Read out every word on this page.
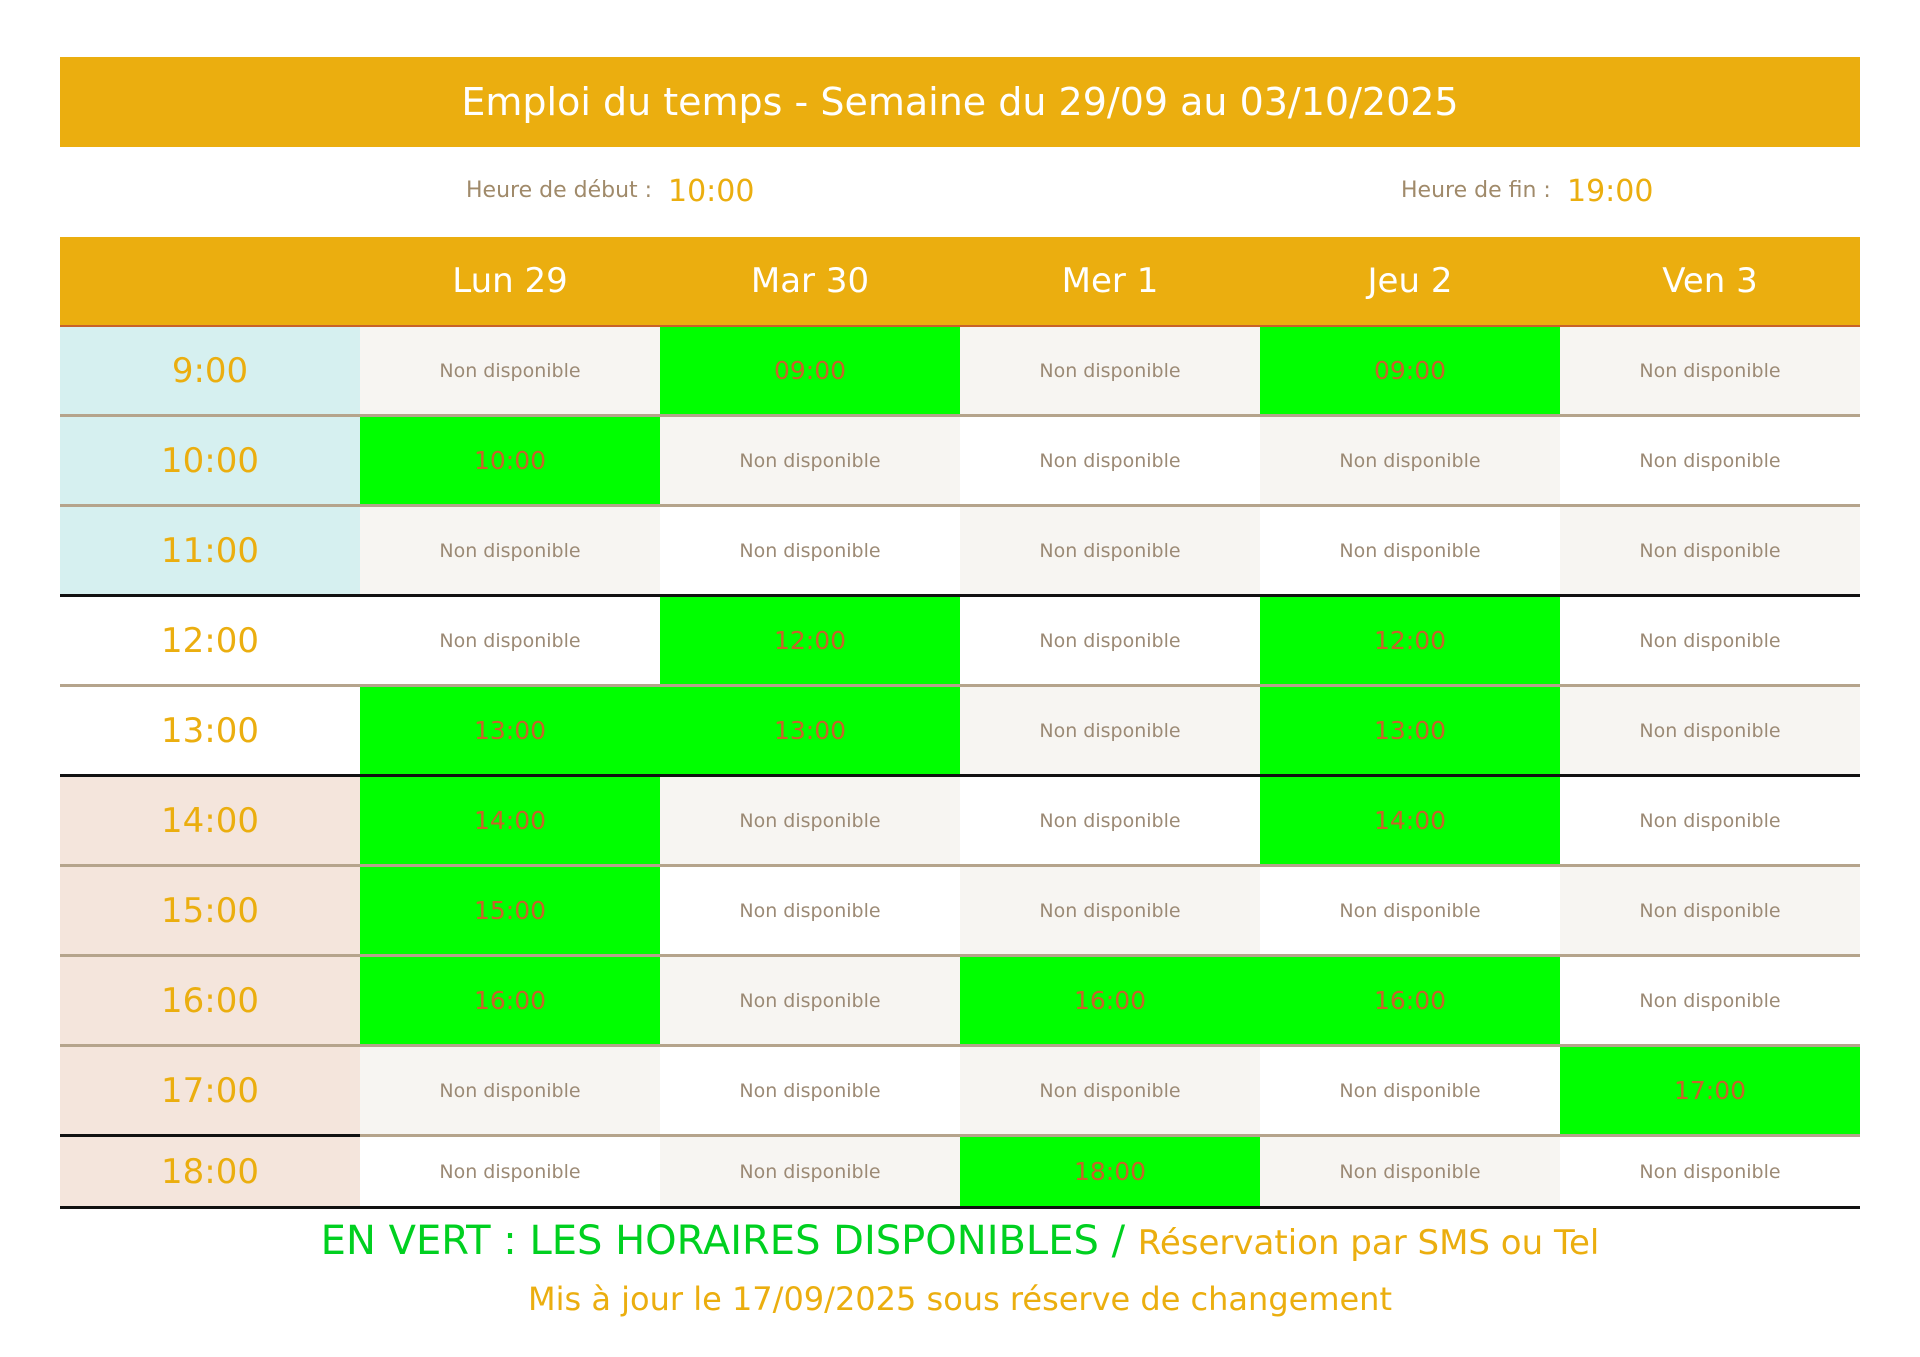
Emploi du temps - Semaine du 29/09 au 03/10/2025
Heure de début : 10:00	Heure de fin : 19:00
Lun 29	Mar 30	Mer 1	Jeu 2	Ven 3
9:00	Non disponible	09:00	Non disponible	09:00	Non disponible
10:00	10:00	Non disponible	Non disponible	Non disponible	Non disponible
11:00	Non disponible	Non disponible	Non disponible	Non disponible	Non disponible
12:00	Non disponible	12:00	Non disponible	12:00	Non disponible
13:00	13:00	13:00	Non disponible	13:00	Non disponible
14:00	14:00	Non disponible	Non disponible	14:00	Non disponible
15:00	15:00	Non disponible	Non disponible	Non disponible	Non disponible
16:00	16:00	Non disponible	16:00	16:00	Non disponible
17:00	Non disponible	Non disponible	Non disponible	Non disponible	17:00
18:00	Non disponible	Non disponible	18:00	Non disponible	Non disponible
EN VERT : LES HORAIRES DISPONIBLES / Réservation par SMS ou Tel
Mis à jour le 17/09/2025 sous réserve de changement
